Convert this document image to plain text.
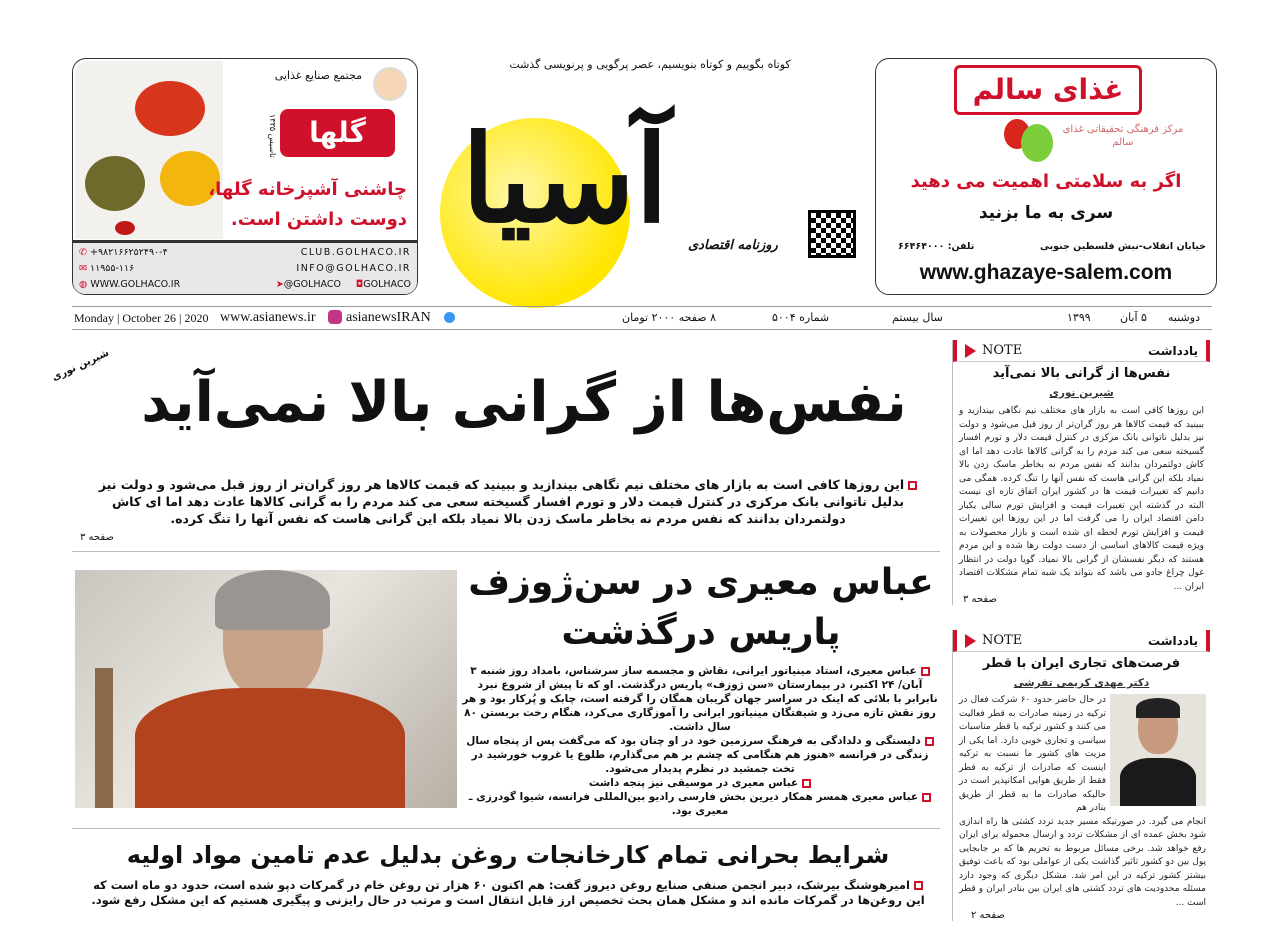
مجتمع صنایع غذایی
گلها
تاسیس ۱۳۳۵
چاشنی آشپزخانه گلها،
دوست داشتن است.
✆ +۹۸۲۱۶۶۲۵۲۴۹۰-۴
✉ ۱۱۹۵۵-۱۱۶
◍ WWW.GOLHACO.IR
CLUB.GOLHACO.IR
INFO@GOLHACO.IR
➤@GOLHACO ◘GOLHACO
کوتاه بگوییم و کوتاه بنویسیم، عصر پرگویی و پرنویسی گذشت
آسیا	روزنامه اقتصادی
غذای سالم
مرکز فرهنگی تحقیقاتی غذای سالم
اگر به سلامتی اهمیت می دهید
سری به ما بزنید
خیابان انقلاب-نبش فلسطین جنوبی
تلفن: ۶۶۴۶۴۰۰۰
www.ghazaye-salem.com
Monday | October 26 | 2020 www.asianews.ir asianewsIRAN	۸ صفحه ۲۰۰۰ تومان	شماره ۵۰۰۴	سال بیستم	۱۳۹۹	۵ آبان دوشنبه
شیرین نوری
نفس‌ها از گرانی بالا نمی‌آید
این روزها کافی است به بازار های مختلف نیم نگاهی بیندازید و ببینید که قیمت کالاها هر روز گران‌تر از روز قبل می‌شود و دولت نیز بدلیل ناتوانی بانک مرکزی در کنترل قیمت دلار و تورم افسار گسیخته سعی می کند مردم را به گرانی کالاها عادت دهد اما ای کاش دولتمردان بدانند که نفس مردم نه بخاطر ماسک زدن بالا نمیاد بلکه این گرانی هاست که نفس آنها را تنگ کرده.
صفحه ۳
عباس معیری در سن‌ژوزف
پاریس درگذشت

عباس معیری، استاد مینیاتور ایرانی، نقاش و مجسمه ساز سرشناس، بامداد روز شنبه ۳ آبان/ ۲۴ اکتبر، در بیمارستان «سن ژوزف» پاریس درگذشت. او که تا پیش از شروع نبرد نابرابر با بلائی که اینک در سراسر جهان گریبان همگان را گرفته است، چابک و پُرکار بود و هر روز نقش تازه می‌زد و شیفتگان مینیاتور ایرانی را آموزگاری می‌کرد، هنگام رخت بربستن ۸۰ سال داشت.

دلبستگی و دلدادگی به فرهنگ سرزمین خود در او چنان بود که می‌گفت پس از پنجاه سال زندگی در فرانسه «هنوز هم هنگامی که چشم بر هم می‌گذارم، طلوع یا غروب خورشید در تخت جمشید در نظرم پدیدار می‌شود.

عباس معیری در موسیقی نیز پنجه داشت

عباس معیری همسر همکار دیرین بخش فارسی رادیو بین‌المللی فرانسه، شیوا گودرزی ـ معیری بود.

شرایط بحرانی تمام کارخانجات روغن بدلیل عدم تامین مواد اولیه
امیرهوشنگ بیرشک، دبیر انجمن صنفی صنایع روغن دیروز گفت: هم اکنون ۶۰ هزار تن روغن خام در گمرکات دپو شده است، حدود دو ماه است که این روغن‌ها در گمرکات مانده اند و مشکل همان بحث تخصیص ارز قابل انتقال است و مرتب در حال رایزنی و پیگیری هستیم که این مشکل رفع شود.
NOTE	یادداشت
نفس‌ها از گرانی بالا نمی‌آید
شیرین نوری
این روزها کافی است به بازار های مختلف نیم نگاهی بیندازید و ببینید که قیمت کالاها هر روز گران‌تر از روز قبل می‌شود و دولت نیز بدلیل ناتوانی بانک مرکزی در کنترل قیمت دلار و تورم افسار گسیخته سعی می کند مردم را به گرانی کالاها عادت دهد اما ای کاش دولتمردان بدانند که نفس مردم نه بخاطر ماسک زدن بالا نمیاد بلکه این گرانی هاست که نفس آنها را تنگ کرده. همگی می دانیم که تغییرات قیمت ها در کشور ایران اتفاق تازه ای نیست البته در گذشته این تغییرات قیمت و افزایش تورم سالی یکبار دامن اقتصاد ایران را می گرفت اما در این روزها این تغییرات قیمت و افزایش تورم لحظه ای شده است و بازار محصولات به ویژه قیمت کالاهای اساسی از دست دولت رها شده و این مردم هستند که دیگر نفسشان از گرانی بالا نمیاد. گویا دولت در انتظار غول چراغ جادو می باشد که بتواند یک شبه تمام مشکلات اقتصاد ایران ...
صفحه ۳
NOTE	یادداشت
فرصت‌های تجاری ایران با قطر
دکتر مهدی کریمی تفرشی
در حال حاضر حدود ۶۰ شرکت فعال در ترکیه در زمینه صادرات به قطر فعالیت می کنند و کشور ترکیه با قطر مناسبات سیاسی و تجاری خوبی دارد. اما یکی از مزیت های کشور ما نسبت به ترکیه اینست که صادرات از ترکیه به قطر فقط از طریق هوایی امکانپذیر است در حالیکه صادرات ما به قطر از طریق بنادر هم
انجام می گیرد. در صورتیکه مسیر جدید تردد کشتی ها راه اندازی شود بخش عمده ای از مشکلات تردد و ارسال محموله برای ایران رفع خواهد شد. برخی مسائل مربوط به تحریم ها که بر جابجایی پول بین دو کشور تاثیر گذاشت یکی از عواملی بود که باعث توفیق بیشتر کشور ترکیه در این امر شد. مشکل دیگری که وجود دارد مسئله محدودیت های تردد کشتی های ایران بین بنادر ایران و قطر است ...
صفحه ۲
